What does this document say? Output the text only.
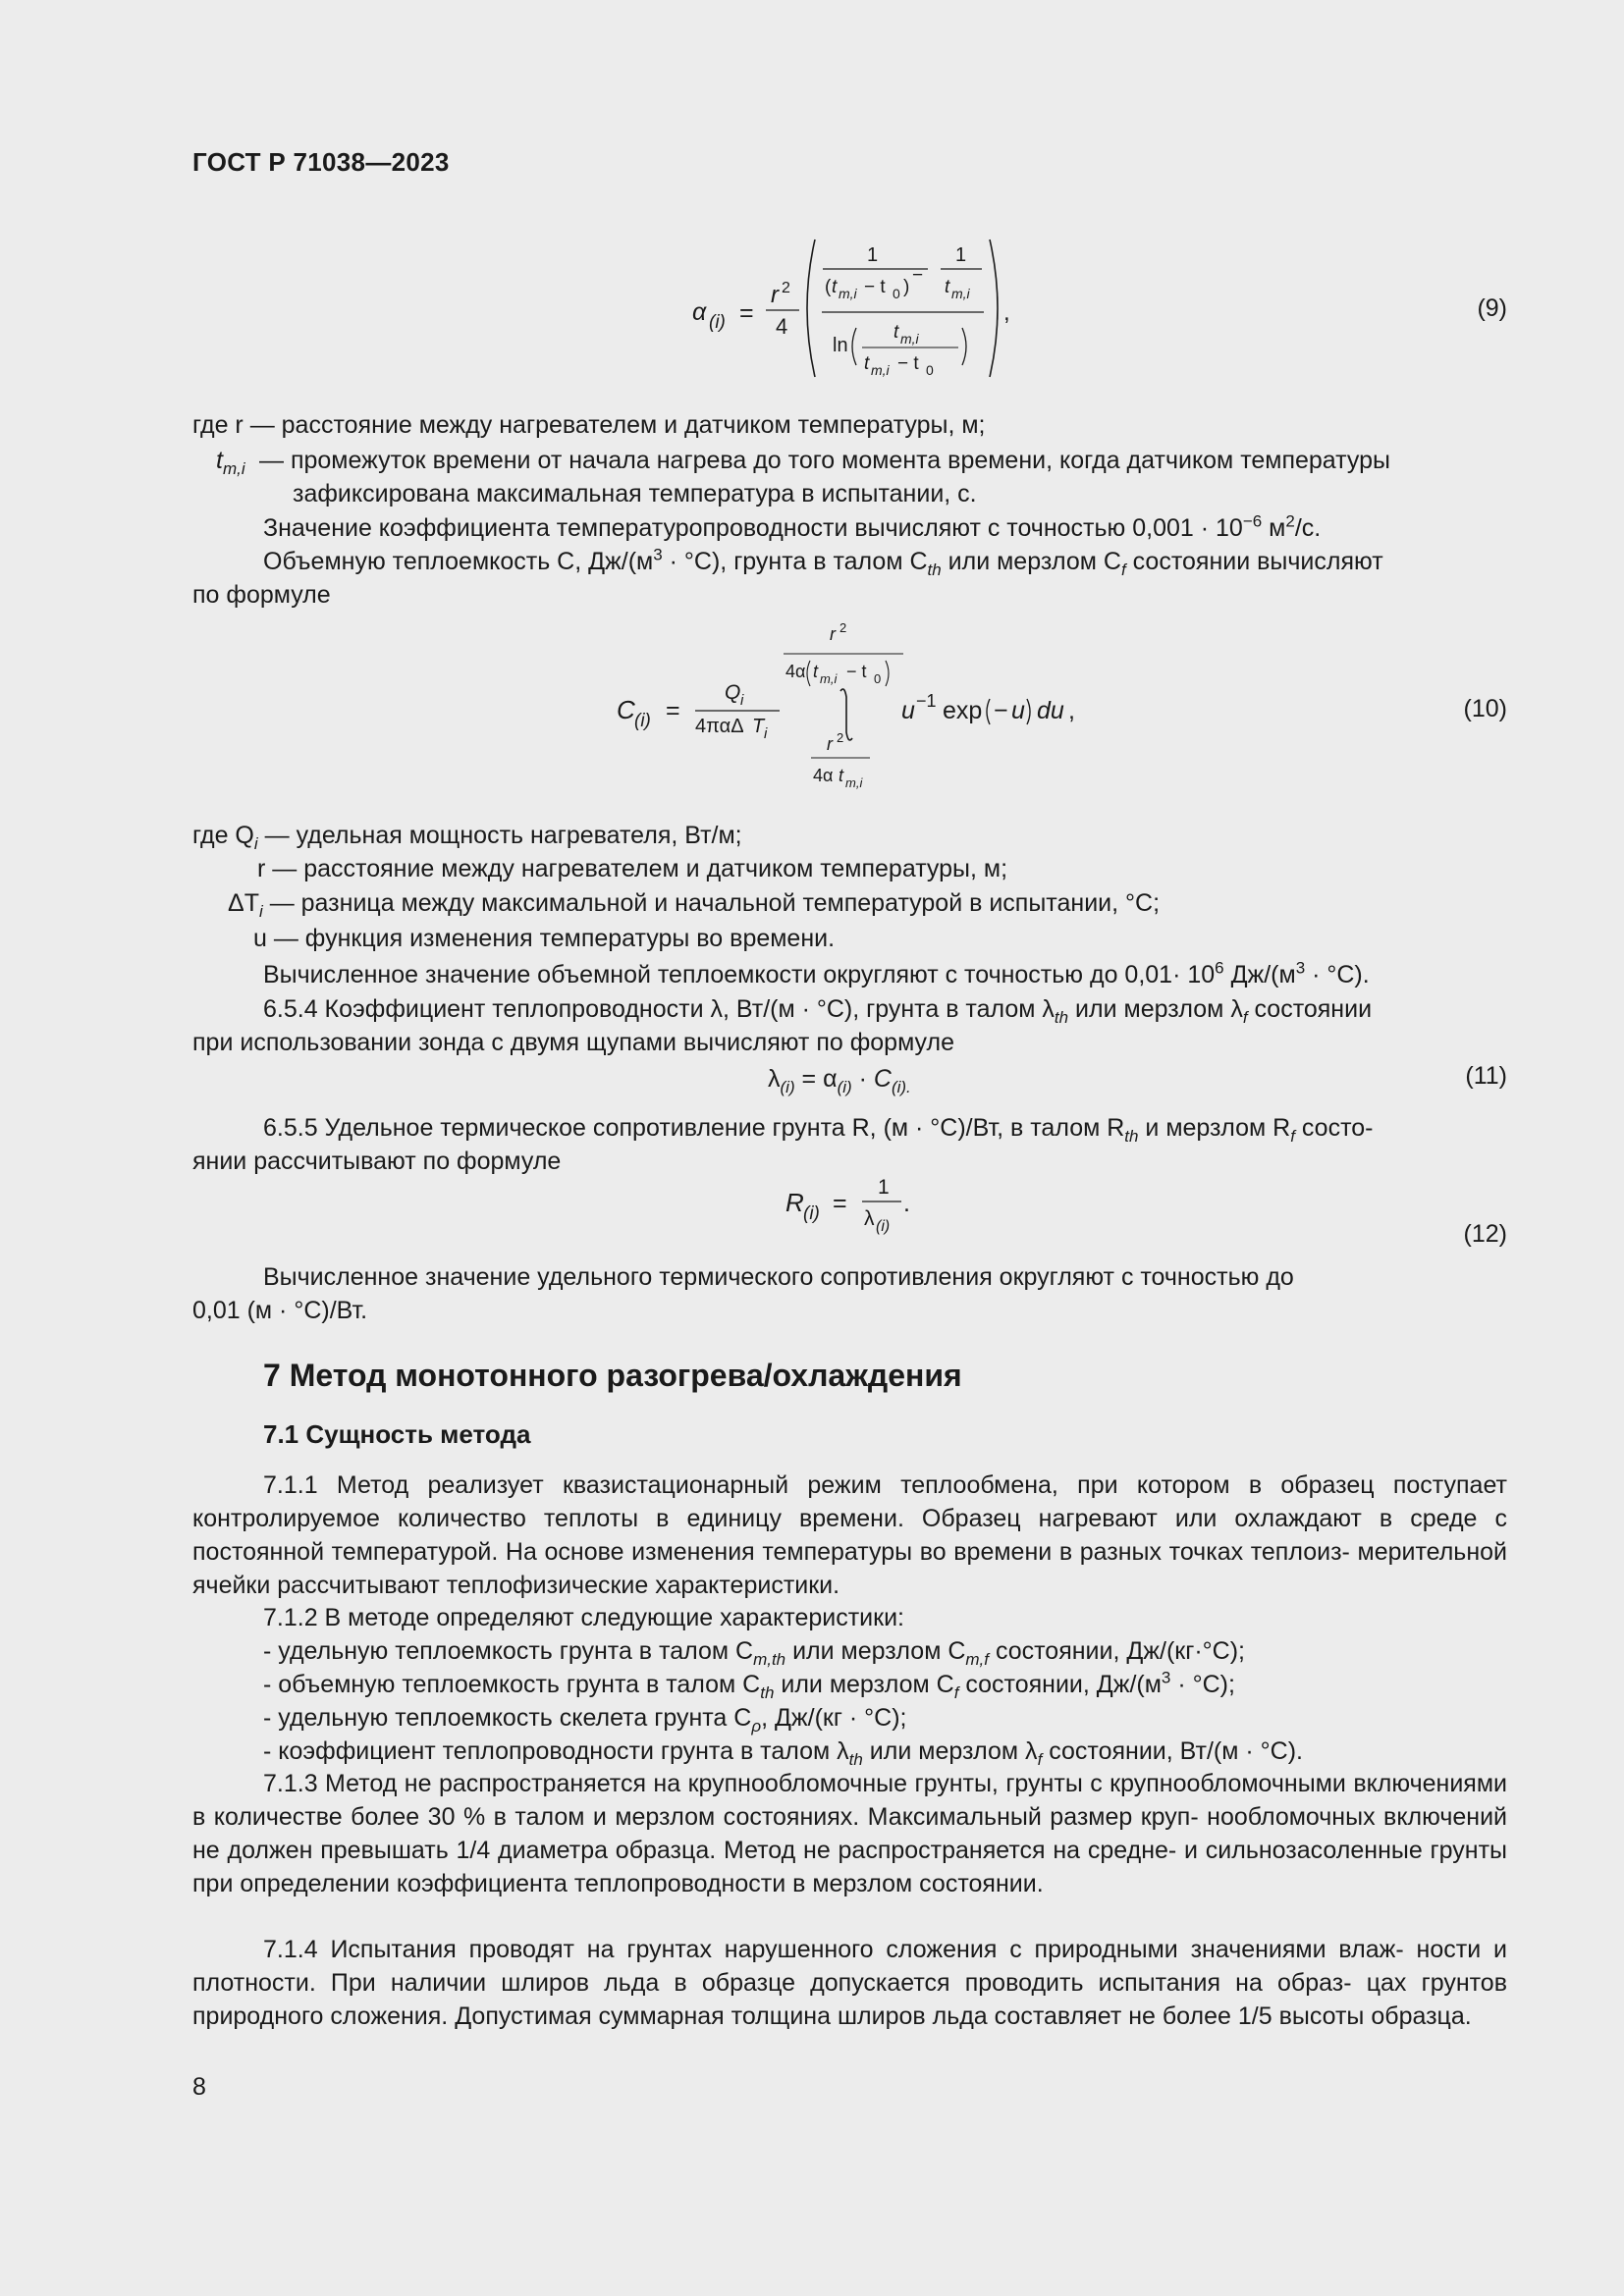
ГОСТ Р 71038—2023
α (i) =
r 2
4
1
( t m,i − t 0 )
−
1
t m,i
ln
t m,i
t m,i − t 0
,	(9)
где r — расстояние между нагревателем и датчиком температуры, м;
$t_{m,i}$ — промежуток времени от начала нагрева до того момента времени, когда датчиком температуры
зафиксирована максимальная температура в испытании, с.
Значение коэффициента температуропроводности вычисляют с точностью $0,001 \cdot 10^{-6}$ $м^2/с$.
Объемную теплоемкость C, $Дж/(м^3 \cdot ^\circ C)$, грунта в талом $C_{th}$ или мерзлом $C_f$ состоянии вычисляют
по формуле
C (i) =
Q i
4παΔ T i
r 2
4α t m,i − t 0
r 2
4α t m,i
u −1 exp − u du ,	(10)
где $Q_i$ — удельная мощность нагревателя, Вт/м;
r — расстояние между нагревателем и датчиком температуры, м;
$\Delta T_i$ — разница между максимальной и начальной температурой в испытании, °C;
u — функция изменения температуры во времени.
Вычисленное значение объемной теплоемкости округляют с точностью до $0,01\cdot 10^6$ $Дж/(м^3 \cdot ^\circ C)$.
6.5.4 Коэффициент теплопроводности λ, Вт/(м · °C), грунта в талом $\lambda_{th}$ или мерзлом $\lambda_f$ состоянии
при использовании зонда с двумя щупами вычисляют по формуле
$\lambda_{(i)} = \alpha_{(i)} \cdot C_{(i).}$	(11)
6.5.5 Удельное термическое сопротивление грунта R, (м · °C)/Вт, в талом $R_{th}$ и мерзлом $R_f$ состо-
янии рассчитывают по формуле
R (i) =
1
λ (i)
.
(12)
Вычисленное значение удельного термического сопротивления округляют с точностью до
0,01 (м · °C)/Вт.
7 Метод монотонного разогрева/охлаждения
7.1 Сущность метода
7.1.1 Метод реализует квазистационарный режим теплообмена, при котором в образец поступает контролируемое количество теплоты в единицу времени. Образец нагревают или охлаждают в среде с постоянной температурой. На основе изменения температуры во времени в разных точках теплоиз- мерительной ячейки рассчитывают теплофизические характеристики.
7.1.2 В методе определяют следующие характеристики:
- удельную теплоемкость грунта в талом $C_{m,th}$ или мерзлом $C_{m,f}$ состоянии, Дж/(кг·°C);
- объемную теплоемкость грунта в талом $C_{th}$ или мерзлом $C_f$ состоянии, $Дж/(м^3 \cdot ^\circ C)$;
- удельную теплоемкость скелета грунта $C_\rho$, Дж/(кг · °C);
- коэффициент теплопроводности грунта в талом $\lambda_{th}$ или мерзлом $\lambda_f$ состоянии, Вт/(м · °C).
7.1.3 Метод не распространяется на крупнообломочные грунты, грунты с крупнообломочными включениями в количестве более 30 % в талом и мерзлом состояниях. Максимальный размер круп- нообломочных включений не должен превышать 1/4 диаметра образца. Метод не распространяется на средне- и сильнозасоленные грунты при определении коэффициента теплопроводности в мерзлом состоянии.
7.1.4 Испытания проводят на грунтах нарушенного сложения с природными значениями влаж- ности и плотности. При наличии шлиров льда в образце допускается проводить испытания на образ- цах грунтов природного сложения. Допустимая суммарная толщина шлиров льда составляет не более 1/5 высоты образца.
8
